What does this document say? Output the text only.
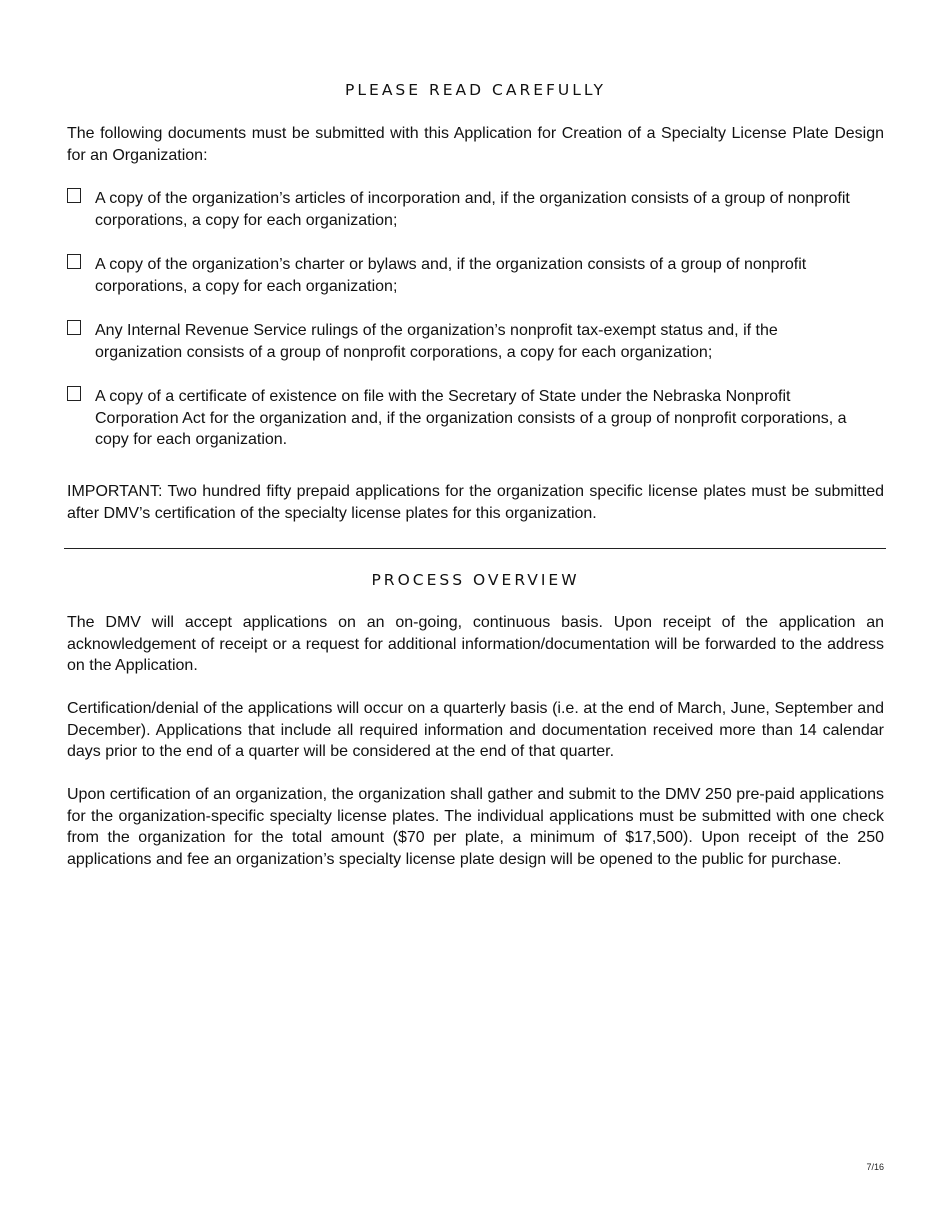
PLEASE READ CAREFULLY

The following documents must be submitted with this Application for Creation of a Specialty License Plate Design for an Organization:

A copy of the organization’s articles of incorporation and, if the organization consists of a group of nonprofit corporations, a copy for each organization;

A copy of the organization’s charter or bylaws and, if the organization consists of a group of nonprofit corporations, a copy for each organization;

Any Internal Revenue Service rulings of the organization’s nonprofit tax-exempt status and, if the organization consists of a group of nonprofit corporations, a copy for each organization;

A copy of a certificate of existence on file with the Secretary of State under the Nebraska Nonprofit Corporation Act for the organization and, if the organization consists of a group of nonprofit corporations, a copy for each organization.

IMPORTANT: Two hundred fifty prepaid applications for the organization specific license plates must be submitted after DMV’s certification of the specialty license plates for this organization.

PROCESS OVERVIEW

The DMV will accept applications on an on-going, continuous basis. Upon receipt of the application an acknowledgement of receipt or a request for additional information/documentation will be forwarded to the address on the Application.

Certification/denial of the applications will occur on a quarterly basis (i.e. at the end of March, June, September and December). Applications that include all required information and documentation received more than 14 calendar days prior to the end of a quarter will be considered at the end of that quarter.

Upon certification of an organization, the organization shall gather and submit to the DMV 250 pre-paid applications for the organization-specific specialty license plates. The individual applications must be submitted with one check from the organization for the total amount ($70 per plate, a minimum of $17,500). Upon receipt of the 250 applications and fee an organization’s specialty license plate design will be opened to the public for purchase.

7/16
